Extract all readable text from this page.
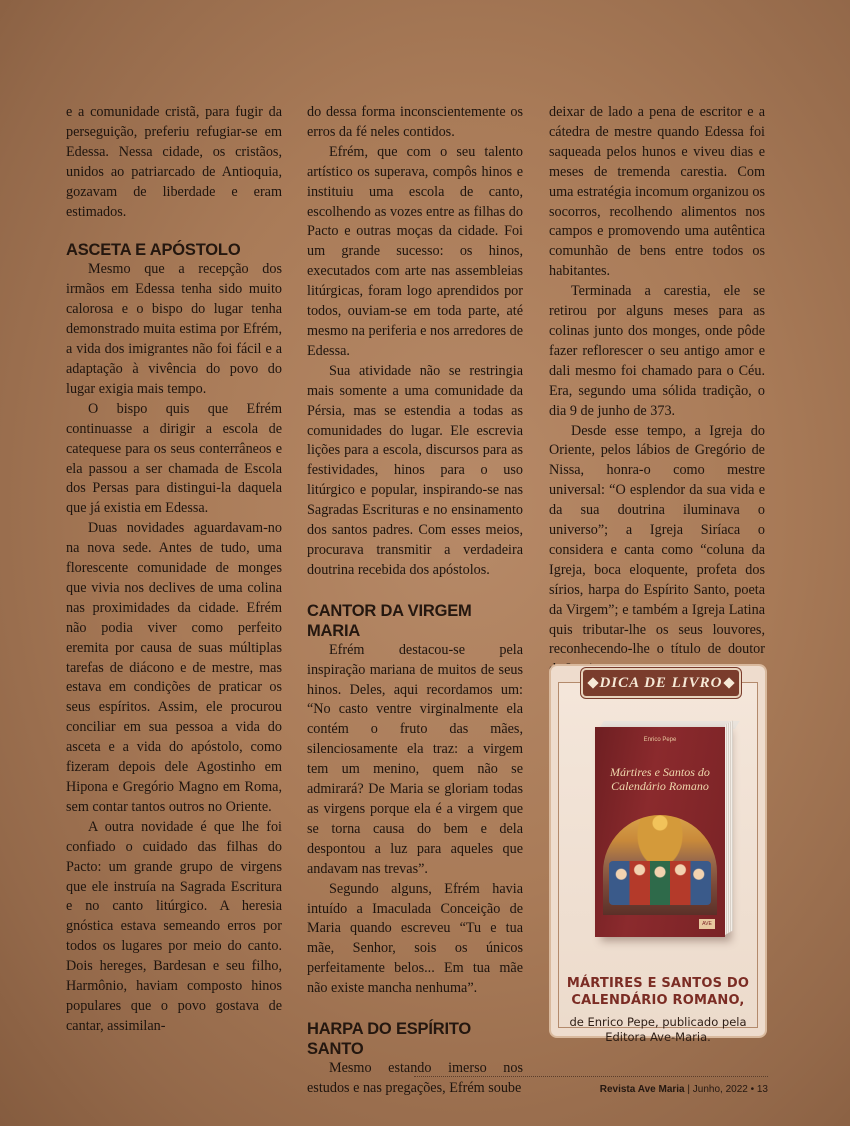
e a comunidade cristã, para fugir da perseguição, preferiu refugiar-se em Edessa. Nessa cidade, os cristãos, unidos ao patriarcado de Antioquia, gozavam de liberdade e eram estimados.

ASCETA E APÓSTOLO

Mesmo que a recepção dos irmãos em Edessa tenha sido muito calorosa e o bispo do lugar tenha demonstrado muita estima por Efrém, a vida dos imigrantes não foi fácil e a adaptação à vivência do povo do lugar exigia mais tempo.

O bispo quis que Efrém continuasse a dirigir a escola de catequese para os seus conterrâneos e ela passou a ser chamada de Escola dos Persas para distingui-la daquela que já existia em Edessa.

Duas novidades aguardavam-no na nova sede. Antes de tudo, uma florescente comunidade de monges que vivia nos declives de uma colina nas proximidades da cidade. Efrém não podia viver como perfeito eremita por causa de suas múltiplas tarefas de diácono e de mestre, mas estava em condições de praticar os seus espíritos. Assim, ele procurou conciliar em sua pessoa a vida do asceta e a vida do apóstolo, como fizeram depois dele Agostinho em Hipona e Gregório Magno em Roma, sem contar tantos outros no Oriente.

A outra novidade é que lhe foi confiado o cuidado das filhas do Pacto: um grande grupo de virgens que ele instruía na Sagrada Escritura e no canto litúrgico. A heresia gnóstica estava semeando erros por todos os lugares por meio do canto. Dois hereges, Bardesan e seu filho, Harmônio, haviam composto hinos populares que o povo gostava de cantar, assimilan-

do dessa forma inconscientemente os erros da fé neles contidos.

Efrém, que com o seu talento artístico os superava, compôs hinos e instituiu uma escola de canto, escolhendo as vozes entre as filhas do Pacto e outras moças da cidade. Foi um grande sucesso: os hinos, executados com arte nas assembleias litúrgicas, foram logo aprendidos por todos, ouviam-se em toda parte, até mesmo na periferia e nos arredores de Edessa.

Sua atividade não se restringia mais somente a uma comunidade da Pérsia, mas se estendia a todas as comunidades do lugar. Ele escrevia lições para a escola, discursos para as festividades, hinos para o uso litúrgico e popular, inspirando-se nas Sagradas Escrituras e no ensinamento dos santos padres. Com esses meios, procurava transmitir a verdadeira doutrina recebida dos apóstolos.

CANTOR DA VIRGEM MARIA

Efrém destacou-se pela inspiração mariana de muitos de seus hinos. Deles, aqui recordamos um: “No casto ventre virginalmente ela contém o fruto das mães, silenciosamente ela traz: a virgem tem um menino, quem não se admirará? De Maria se gloriam todas as virgens porque ela é a virgem que se torna causa do bem e dela despontou a luz para aqueles que andavam nas trevas”.

Segundo alguns, Efrém havia intuído a Imaculada Conceição de Maria quando escreveu “Tu e tua mãe, Senhor, sois os únicos perfeitamente belos... Em tua mãe não existe mancha nenhuma”.

HARPA DO ESPÍRITO SANTO

Mesmo estando imerso nos estudos e nas pregações, Efrém soube

deixar de lado a pena de escritor e a cátedra de mestre quando Edessa foi saqueada pelos hunos e viveu dias e meses de tremenda carestia. Com uma estratégia incomum organizou os socorros, recolhendo alimentos nos campos e promovendo uma autêntica comunhão de bens entre todos os habitantes.

Terminada a carestia, ele se retirou por alguns meses para as colinas junto dos monges, onde pôde fazer reflorescer o seu antigo amor e dali mesmo foi chamado para o Céu. Era, segundo uma sólida tradição, o dia 9 de junho de 373.

Desde esse tempo, a Igreja do Oriente, pelos lábios de Gregório de Nissa, honra-o como mestre universal: “O esplendor da sua vida e da sua doutrina iluminava o universo”; a Igreja Siríaca o considera e canta como “coluna da Igreja, boca eloquente, profeta dos sírios, harpa do Espírito Santo, poeta da Virgem”; e também a Igreja Latina quis tributar-lhe os seus louvores, reconhecendo-lhe o título de doutor

DICA DE LIVRO
Enrico Pepe
Mártires e Santos do Calendário Romano
AVE
MÁRTIRES E SANTOS DO CALENDÁRIO ROMANO,
de Enrico Pepe, publicado pela Editora Ave-Maria.
Revista Ave Maria | Junho, 2022 • 13
